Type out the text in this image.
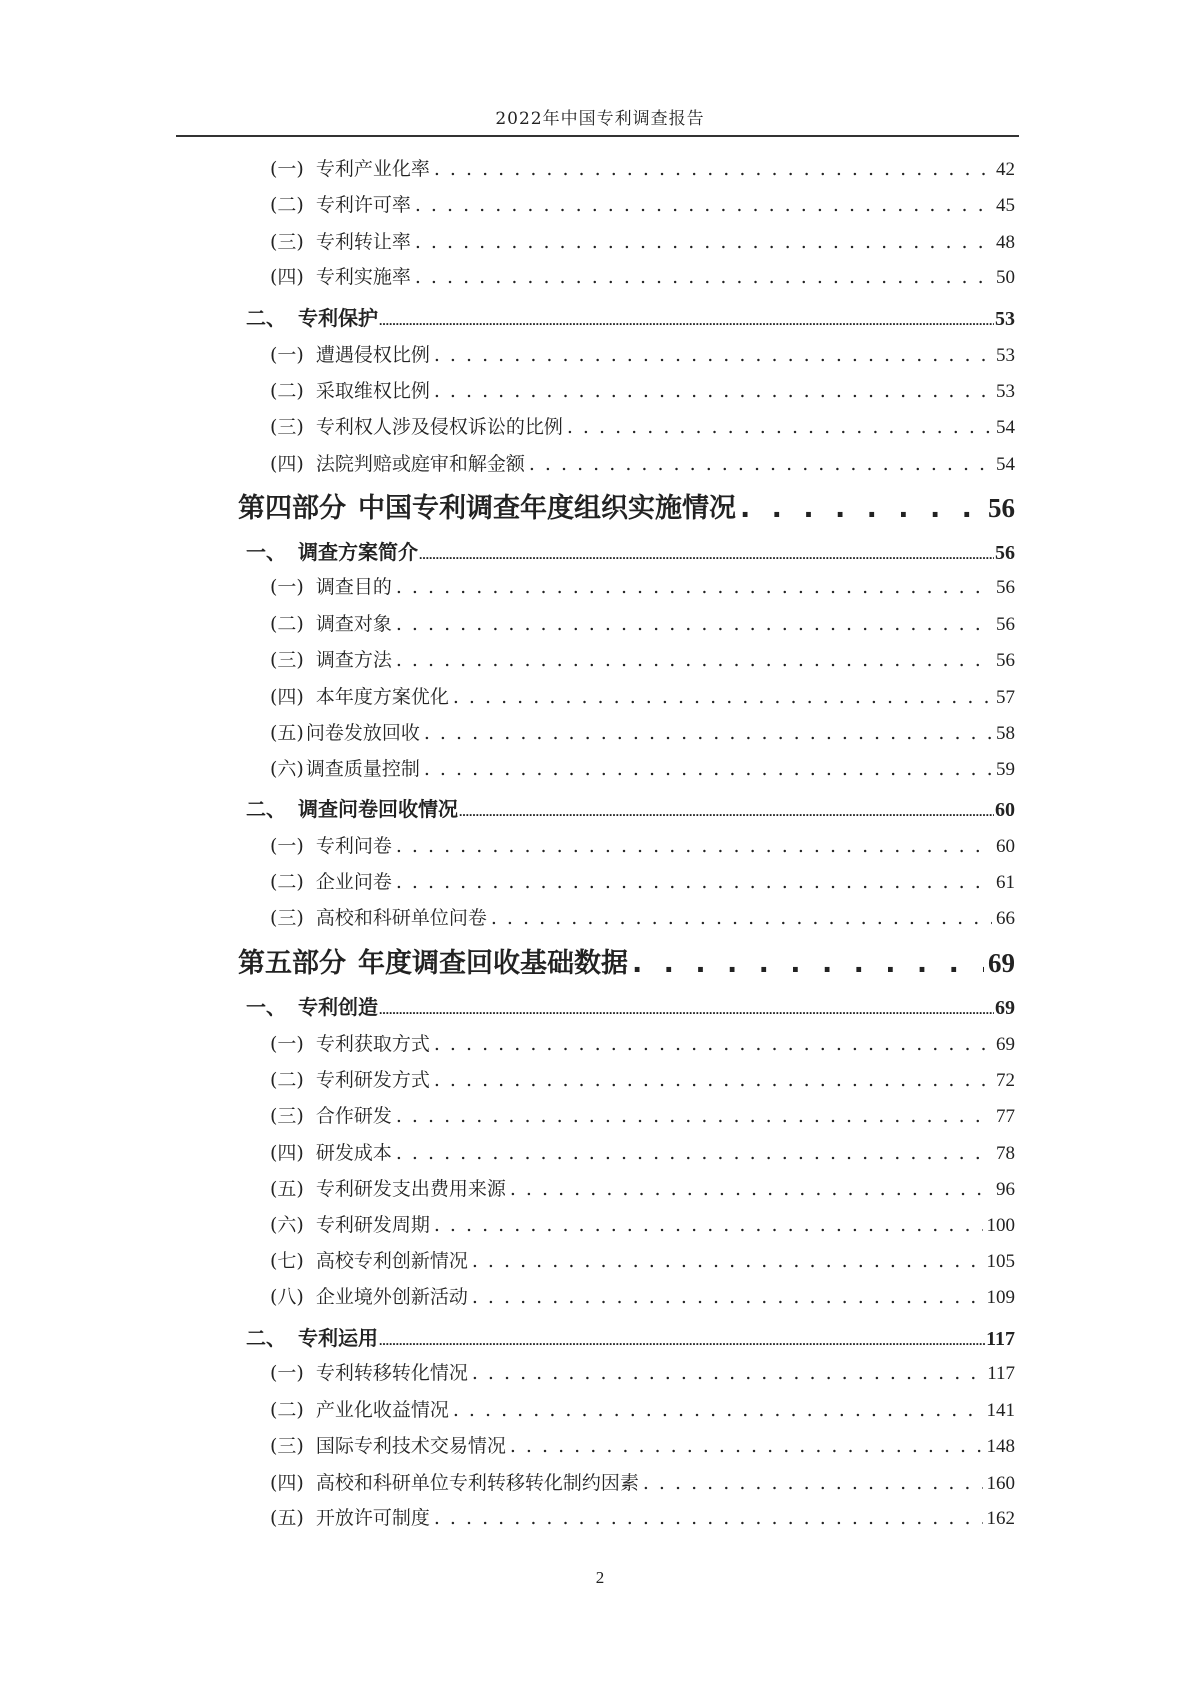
2022年中国专利调查报告
(一) 专利产业化率 . . .	42
(二) 专利许可率 . . .	45
(三) 专利转让率 . . .	48
(四) 专利实施率 . . .	50
二、 专利保护 ……………………………………………………………………………………………………………………………………………………………………………………………………………	53
(一) 遭遇侵权比例 . . .	53
(二) 采取维权比例 . . .	53
(三) 专利权人涉及侵权诉讼的比例 . . .	54
(四) 法院判赔或庭审和解金额 . . .	54
第四部分 中国专利调查年度组织实施情况 . . .	56
一、 调查方案简介 ……………………………………………………………………………………………………………………………………………………………………………………………………………	56
(一) 调查目的 . . .	56
(二) 调查对象 . . .	56
(三) 调查方法 . . .	56
(四) 本年度方案优化 . . .	57
(五) 问卷发放回收 . . .	58
(六) 调查质量控制 . . .	59
二、 调查问卷回收情况 ……………………………………………………………………………………………………………………………………………………………………………………………………………	60
(一) 专利问卷 . . .	60
(二) 企业问卷 . . .	61
(三) 高校和科研单位问卷 . . .	66
第五部分 年度调查回收基础数据 . . .	69
一、 专利创造 ……………………………………………………………………………………………………………………………………………………………………………………………………………	69
(一) 专利获取方式 . . .	69
(二) 专利研发方式 . . .	72
(三) 合作研发 . . .	77
(四) 研发成本 . . .	78
(五) 专利研发支出费用来源 . . .	96
(六) 专利研发周期 . . .	100
(七) 高校专利创新情况 . . .	105
(八) 企业境外创新活动 . . .	109
二、 专利运用 ……………………………………………………………………………………………………………………………………………………………………………………………………………	117
(一) 专利转移转化情况 . . .	117
(二) 产业化收益情况 . . .	141
(三) 国际专利技术交易情况 . . .	148
(四) 高校和科研单位专利转移转化制约因素 . . .	160
(五) 开放许可制度 . . .	162
2
